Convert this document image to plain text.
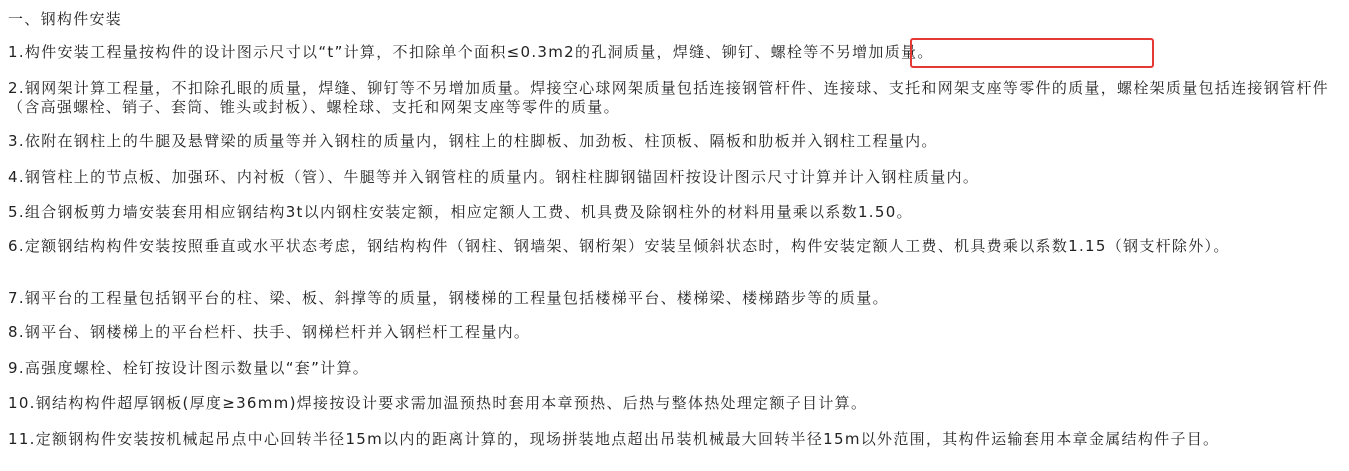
一、钢构件安装
1.构件安装工程量按构件的设计图示尺寸以“t”计算，不扣除单个面积≤0.3m2的孔洞质量，焊缝、铆钉、螺栓等不另增加质量。
2.钢网架计算工程量，不扣除孔眼的质量，焊缝、铆钉等不另增加质量。焊接空心球网架质量包括连接钢管杆件、连接球、支托和网架支座等零件的质量，螺栓架质量包括连接钢管杆件（含高强螺栓、销子、套筒、锥头或封板）、螺栓球、支托和网架支座等零件的质量。
3.依附在钢柱上的牛腿及悬臂梁的质量等并入钢柱的质量内，钢柱上的柱脚板、加劲板、柱顶板、隔板和肋板并入钢柱工程量内。
4.钢管柱上的节点板、加强环、内衬板（管）、牛腿等并入钢管柱的质量内。钢柱柱脚钢锚固杆按设计图示尺寸计算并计入钢柱质量内。
5.组合钢板剪力墙安装套用相应钢结构3t以内钢柱安装定额，相应定额人工费、机具费及除钢柱外的材料用量乘以系数1.50。
6.定额钢结构构件安装按照垂直或水平状态考虑，钢结构构件（钢柱、钢墙架、钢桁架）安装呈倾斜状态时，构件安装定额人工费、机具费乘以系数1.15（钢支杆除外）。
7.钢平台的工程量包括钢平台的柱、梁、板、斜撑等的质量，钢楼梯的工程量包括楼梯平台、楼梯梁、楼梯踏步等的质量。
8.钢平台、钢楼梯上的平台栏杆、扶手、钢梯栏杆并入钢栏杆工程量内。
9.高强度螺栓、栓钉按设计图示数量以“套”计算。
10.钢结构构件超厚钢板(厚度≥36mm)焊接按设计要求需加温预热时套用本章预热、后热与整体热处理定额子目计算。
11.定额钢构件安装按机械起吊点中心回转半径15m以内的距离计算的，现场拼装地点超出吊装机械最大回转半径15m以外范围，其构件运输套用本章金属结构件子目。
